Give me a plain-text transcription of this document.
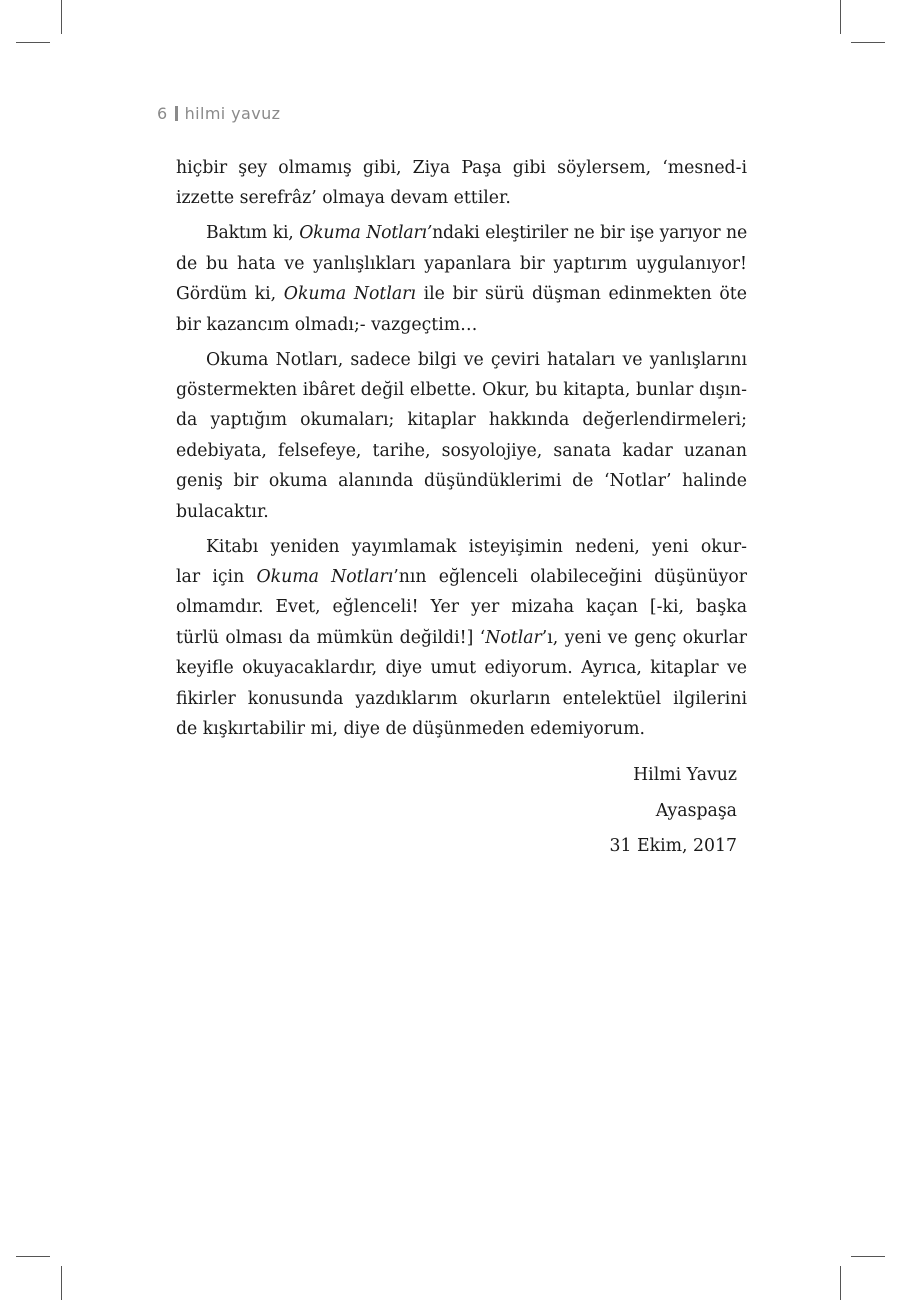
6 hilmi yavuz

hiçbir şey olmamış gibi, Ziya Paşa gibi söylersem, ‘mesned-i
izzette serefrâz’ olmaya devam ettiler.

Baktım ki, Okuma Notları’ndaki eleştiriler ne bir işe yarıyor ne
de bu hata ve yanlışlıkları yapanlara bir yaptırım uygulanıyor!
Gördüm ki, Okuma Notları ile bir sürü düşman edinmekten öte
bir kazancım olmadı;- vazgeçtim…

Okuma Notları, sadece bilgi ve çeviri hataları ve yanlışlarını
göstermekten ibâret değil elbette. Okur, bu kitapta, bunlar dışın-
da yaptığım okumaları; kitaplar hakkında değerlendirmeleri;
edebiyata, felsefeye, tarihe, sosyolojiye, sanata kadar uzanan
geniş bir okuma alanında düşündüklerimi de ‘Notlar’ halinde
bulacaktır.

Kitabı yeniden yayımlamak isteyişimin nedeni, yeni okur-
lar için Okuma Notları’nın eğlenceli olabileceğini düşünüyor
olmamdır. Evet, eğlenceli! Yer yer mizaha kaçan [-ki, başka
türlü olması da mümkün değildi!] ‘Notlar’ı, yeni ve genç okurlar
keyifle okuyacaklardır, diye umut ediyorum. Ayrıca, kitaplar ve
fikirler konusunda yazdıklarım okurların entelektüel ilgilerini
de kışkırtabilir mi, diye de düşünmeden edemiyorum.

Hilmi Yavuz
Ayaspaşa
31 Ekim, 2017
